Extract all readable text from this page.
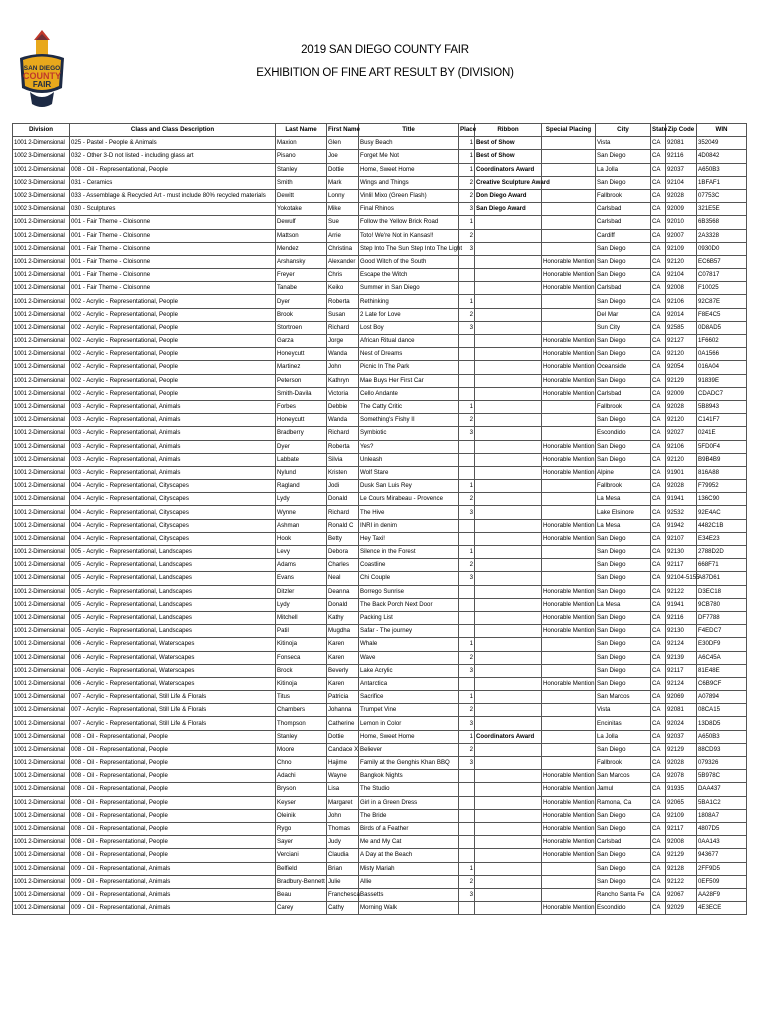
SAN DIEGO
COUNTY
FAIR
2019 SAN DIEGO COUNTY FAIR
EXHIBITION OF FINE ART RESULT BY (DIVISION)
Division	Class and Class Description	Last Name	First Name	Title	Place	Ribbon	Special Placing	City	State	Zip Code	WIN
1001 2-Dimensional	025 - Pastel - People & Animals	Maxion	Glen	Busy Beach	1	Best of Show		Vista	CA	92081	352049
1002 3-Dimensional	032 - Other 3-D not listed - including glass art	Pisano	Joe	Forget Me Not	1	Best of Show		San Diego	CA	92116	4D0842
1001 2-Dimensional	008 - Oil - Representational, People	Stanley	Dottie	Home, Sweet Home	1	Coordinators Award		La Jolla	CA	92037	A650B3
1002 3-Dimensional	031 - Ceramics	Smith	Mark	Wings and Things	2	Creative Sculpture Award		San Diego	CA	92104	1BFAF1
1002 3-Dimensional	033 - Assemblage & Recycled Art - must include 80% recycled materials	Dewitt	Lonny	Vinlil Mixo (Green Flash)	2	Don Diego Award		Fallbrook	CA	92028	07753C
1002 3-Dimensional	030 - Sculptures	Yokotake	Mike	Final Rhinos	3	San Diego Award		Carlsbad	CA	92009	321E5E
1001 2-Dimensional	001 - Fair Theme - Cloisonne	Dewulf	Sue	Follow the Yellow Brick Road	1			Carlsbad	CA	92010	6B3568
1001 2-Dimensional	001 - Fair Theme - Cloisonne	Mattson	Arrie	Toto! We're Not in Kansas!!	2			Cardiff	CA	92007	2A3328
1001 2-Dimensional	001 - Fair Theme - Cloisonne	Mendez	Christina	Step Into The Sun Step Into The Light	3			San Diego	CA	92109	0930D0
1001 2-Dimensional	001 - Fair Theme - Cloisonne	Arshansky	Alexander	Good Witch of the South			Honorable Mention	San Diego	CA	92120	EC6B57
1001 2-Dimensional	001 - Fair Theme - Cloisonne	Freyer	Chris	Escape the Witch			Honorable Mention	San Diego	CA	92104	C07817
1001 2-Dimensional	001 - Fair Theme - Cloisonne	Tanabe	Keiko	Summer in San Diego			Honorable Mention	Carlsbad	CA	92008	F10025
1001 2-Dimensional	002 - Acrylic - Representational, People	Dyer	Roberta	Rethinking	1			San Diego	CA	92106	92C87E
1001 2-Dimensional	002 - Acrylic - Representational, People	Brook	Susan	2 Late for Love	2			Del Mar	CA	92014	F8E4C5
1001 2-Dimensional	002 - Acrylic - Representational, People	Stortroen	Richard	Lost Boy	3			Sun City	CA	92585	0D8AD5
1001 2-Dimensional	002 - Acrylic - Representational, People	Garza	Jorge	African Ritual dance			Honorable Mention	San Diego	CA	92127	1F6602
1001 2-Dimensional	002 - Acrylic - Representational, People	Honeycutt	Wanda	Nest of Dreams			Honorable Mention	San Diego	CA	92120	0A1566
1001 2-Dimensional	002 - Acrylic - Representational, People	Martinez	John	Picnic In The Park			Honorable Mention	Oceanside	CA	92054	016A04
1001 2-Dimensional	002 - Acrylic - Representational, People	Peterson	Kathryn	Mae Buys Her First Car			Honorable Mention	San Diego	CA	92129	91839E
1001 2-Dimensional	002 - Acrylic - Representational, People	Smith-Davila	Victoria	Cello Andante			Honorable Mention	Carlsbad	CA	92009	CDADC7
1001 2-Dimensional	003 - Acrylic - Representational, Animals	Forbes	Debbie	The Catty Critic	1			Fallbrook	CA	92028	5B8943
1001 2-Dimensional	003 - Acrylic - Representational, Animals	Honeycutt	Wanda	Something's Fishy II	2			San Diego	CA	92120	C141F7
1001 2-Dimensional	003 - Acrylic - Representational, Animals	Bradberry	Richard	Symbiotic	3			Escondido	CA	92027	0241E
1001 2-Dimensional	003 - Acrylic - Representational, Animals	Dyer	Roberta	Yes?			Honorable Mention	San Diego	CA	92106	5FD0F4
1001 2-Dimensional	003 - Acrylic - Representational, Animals	Labbate	Silvia	Unleash			Honorable Mention	San Diego	CA	92120	B9B4B9
1001 2-Dimensional	003 - Acrylic - Representational, Animals	Nylund	Kristen	Wolf Stare			Honorable Mention	Alpine	CA	91901	816A88
1001 2-Dimensional	004 - Acrylic - Representational, Cityscapes	Ragland	Jodi	Dusk San Luis Rey	1			Fallbrook	CA	92028	F79952
1001 2-Dimensional	004 - Acrylic - Representational, Cityscapes	Lydy	Donald	Le Cours Mirabeau - Provence	2			La Mesa	CA	91941	136C90
1001 2-Dimensional	004 - Acrylic - Representational, Cityscapes	Wynne	Richard	The Hive	3			Lake Elsinore	CA	92532	92E4AC
1001 2-Dimensional	004 - Acrylic - Representational, Cityscapes	Ashman	Ronald C	INRI in denim			Honorable Mention	La Mesa	CA	91942	4482C1B
1001 2-Dimensional	004 - Acrylic - Representational, Cityscapes	Hook	Betty	Hey Taxi!			Honorable Mention	San Diego	CA	92107	E34E23
1001 2-Dimensional	005 - Acrylic - Representational, Landscapes	Levy	Debora	Silence in the Forest	1			San Diego	CA	92130	2788D2D
1001 2-Dimensional	005 - Acrylic - Representational, Landscapes	Adams	Charles	Coastline	2			San Diego	CA	92117	668F71
1001 2-Dimensional	005 - Acrylic - Representational, Landscapes	Evans	Neal	Chi Couple	3			San Diego	CA	92104-5155	A87D61
1001 2-Dimensional	005 - Acrylic - Representational, Landscapes	Ditzler	Deanna	Borrego Sunrise			Honorable Mention	San Diego	CA	92122	D3EC18
1001 2-Dimensional	005 - Acrylic - Representational, Landscapes	Lydy	Donald	The Back Porch Next Door			Honorable Mention	La Mesa	CA	91941	9CB780
1001 2-Dimensional	005 - Acrylic - Representational, Landscapes	Mitchell	Kathy	Packing List			Honorable Mention	San Diego	CA	92116	DF7788
1001 2-Dimensional	005 - Acrylic - Representational, Landscapes	Patil	Mugdha	Safar - The journey			Honorable Mention	San Diego	CA	92130	F4EDC7
1001 2-Dimensional	006 - Acrylic - Representational, Waterscapes	Kitinoja	Karen	Whale	1			San Diego	CA	92124	E30DF9
1001 2-Dimensional	006 - Acrylic - Representational, Waterscapes	Fonseca	Karen	Wave	2			San Diego	CA	92139	A6C45A
1001 2-Dimensional	006 - Acrylic - Representational, Waterscapes	Brock	Beverly	Lake Acrylic	3			San Diego	CA	92117	81E48E
1001 2-Dimensional	006 - Acrylic - Representational, Waterscapes	Kitinoja	Karen	Antarctica			Honorable Mention	San Diego	CA	92124	C6B9CF
1001 2-Dimensional	007 - Acrylic - Representational, Still Life & Florals	Titus	Patricia	Sacrifice	1			San Marcos	CA	92069	A07894
1001 2-Dimensional	007 - Acrylic - Representational, Still Life & Florals	Chambers	Johanna	Trumpet Vine	2			Vista	CA	92081	08CA15
1001 2-Dimensional	007 - Acrylic - Representational, Still Life & Florals	Thompson	Catherine	Lemon in Color	3			Encinitas	CA	92024	13D8D5
1001 2-Dimensional	008 - Oil - Representational, People	Stanley	Dottie	Home, Sweet Home	1	Coordinators Award		La Jolla	CA	92037	A650B3
1001 2-Dimensional	008 - Oil - Representational, People	Moore	Candace X	Believer	2			San Diego	CA	92129	88CD93
1001 2-Dimensional	008 - Oil - Representational, People	Chno	Hajime	Family at the Genghis Khan BBQ	3			Fallbrook	CA	92028	079326
1001 2-Dimensional	008 - Oil - Representational, People	Adachi	Wayne	Bangkok Nights			Honorable Mention	San Marcos	CA	92078	5B978C
1001 2-Dimensional	008 - Oil - Representational, People	Bryson	Lisa	The Studio			Honorable Mention	Jamul	CA	91935	DAA437
1001 2-Dimensional	008 - Oil - Representational, People	Keyser	Margaret	Girl in a Green Dress			Honorable Mention	Ramona, Ca	CA	92065	5BA1C2
1001 2-Dimensional	008 - Oil - Representational, People	Oleinik	John	The Bride			Honorable Mention	San Diego	CA	92109	1808A7
1001 2-Dimensional	008 - Oil - Representational, People	Rygo	Thomas	Birds of a Feather			Honorable Mention	San Diego	CA	92117	4807D5
1001 2-Dimensional	008 - Oil - Representational, People	Sayer	Judy	Me and My Cat			Honorable Mention	Carlsbad	CA	92008	0AA143
1001 2-Dimensional	008 - Oil - Representational, People	Verciani	Claudia	A Day at the Beach			Honorable Mention	San Diego	CA	92129	943677
1001 2-Dimensional	009 - Oil - Representational, Animals	Belfield	Brian	Misty Mariah	1			San Diego	CA	92128	2FF9D5
1001 2-Dimensional	009 - Oil - Representational, Animals	Bradbury-Bennett	Julie	Allie	2			San Diego	CA	92122	0EF509
1001 2-Dimensional	009 - Oil - Representational, Animals	Beau	Franchesca	Bassetts	3			Rancho Santa Fe	CA	92067	AA28F9
1001 2-Dimensional	009 - Oil - Representational, Animals	Carey	Cathy	Morning Walk			Honorable Mention	Escondido	CA	92029	4E3ECE
